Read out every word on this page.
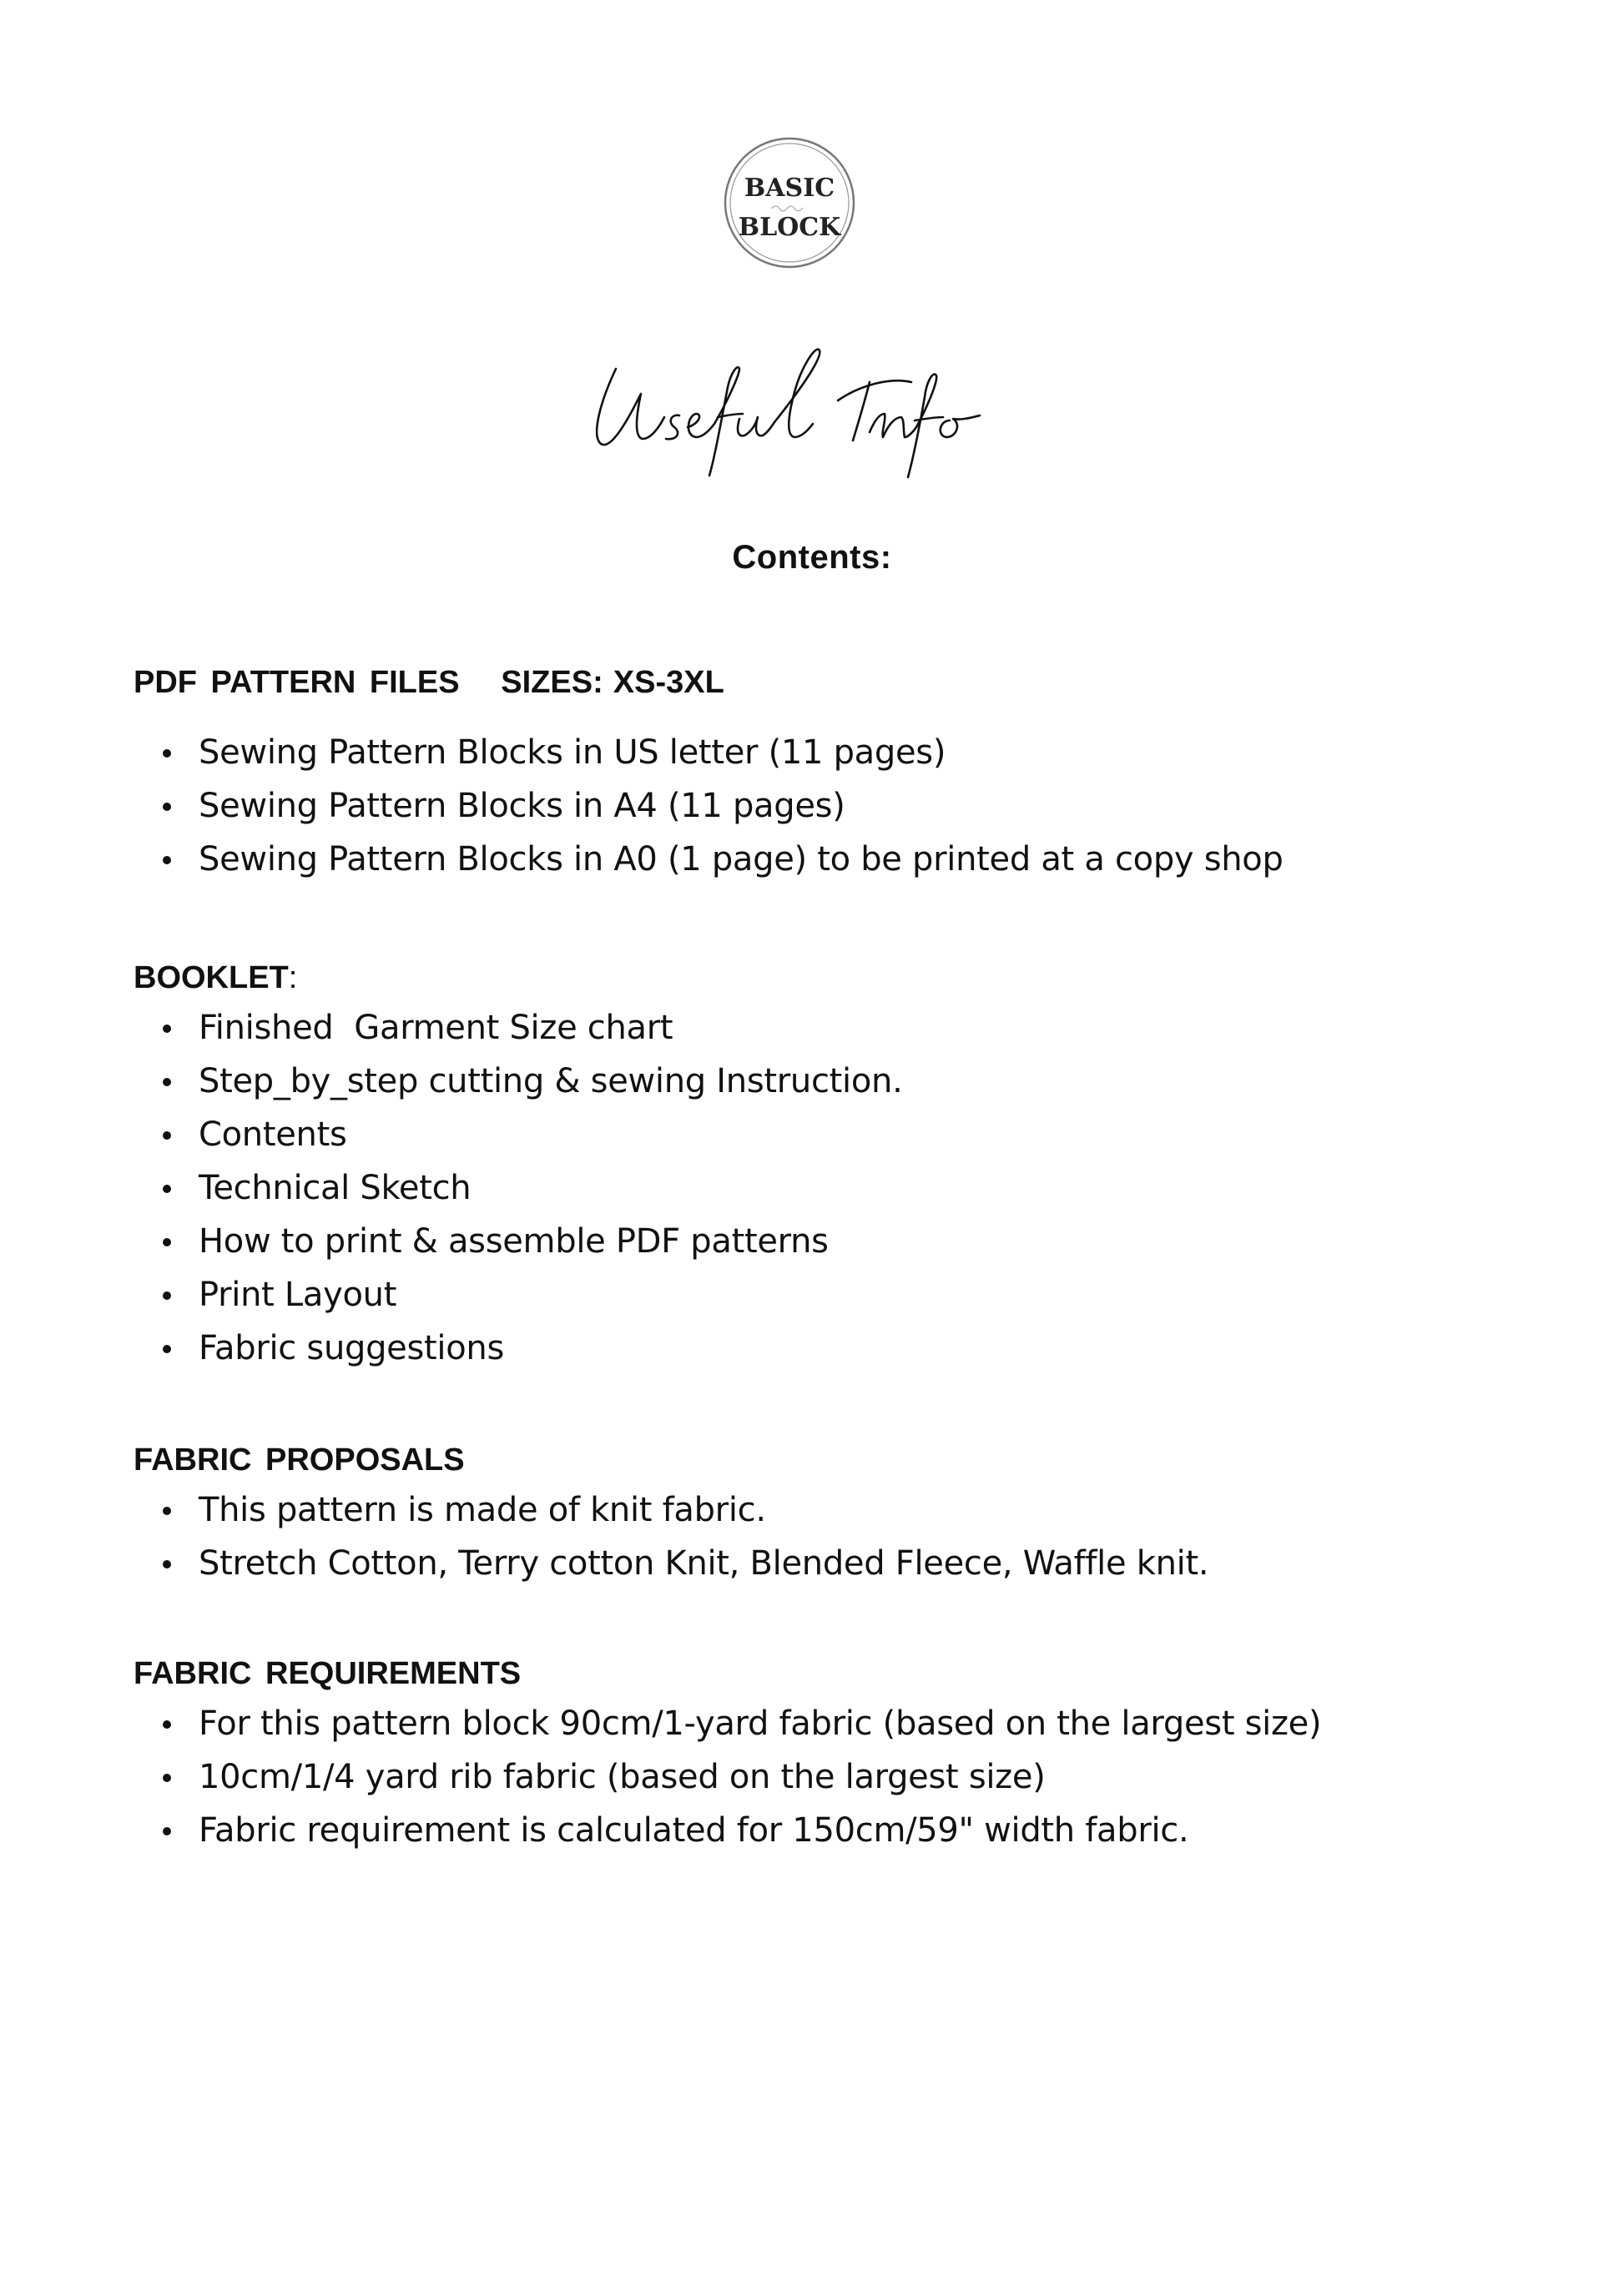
BASIC
BLOCK
Contents:
PDF PATTERN FILES SIZES: XS-3XL
Sewing Pattern Blocks in US letter (11 pages)
Sewing Pattern Blocks in A4 (11 pages)
Sewing Pattern Blocks in A0 (1 page) to be printed at a copy shop
BOOKLET:
Finished  Garment Size chart
Step_by_step cutting & sewing Instruction.
Contents
Technical Sketch
How to print & assemble PDF patterns
Print Layout
Fabric suggestions
FABRIC PROPOSALS
This pattern is made of knit fabric.
Stretch Cotton, Terry cotton Knit, Blended Fleece, Waffle knit.
FABRIC REQUIREMENTS
For this pattern block 90cm/1-yard fabric (based on the largest size)
10cm/1/4 yard rib fabric (based on the largest size)
Fabric requirement is calculated for 150cm/59" width fabric.
